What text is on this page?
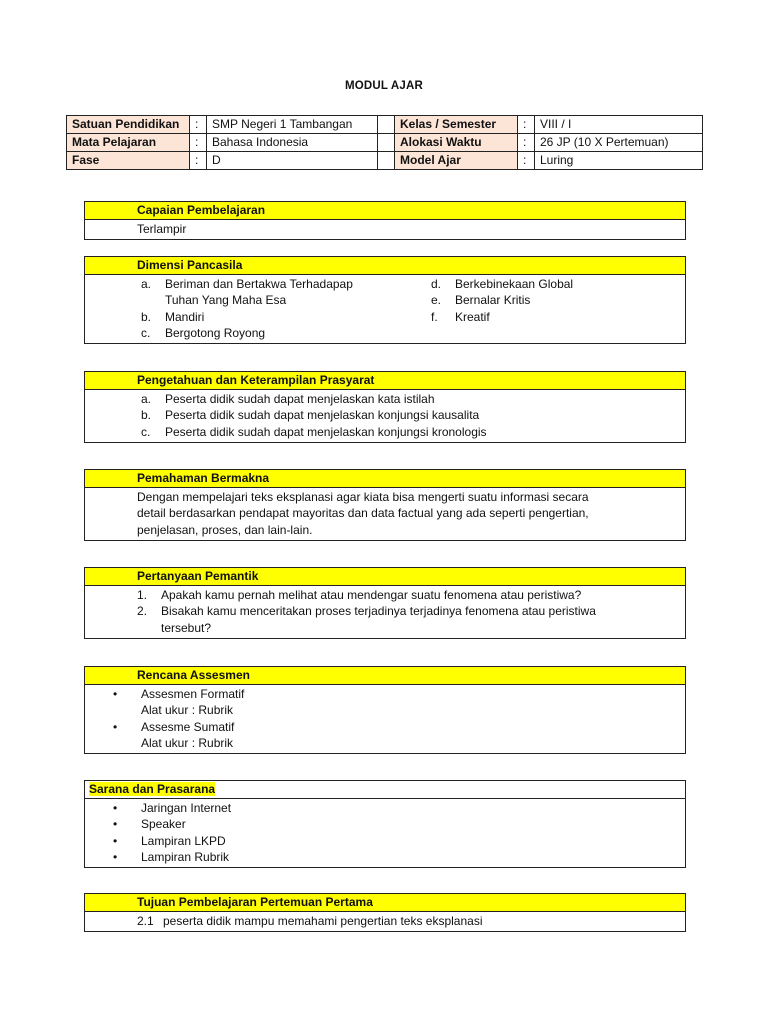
MODUL AJAR
Satuan Pendidikan	:	SMP Negeri 1 Tambangan		Kelas / Semester	:	VIII / I
Mata Pelajaran	:	Bahasa Indonesia		Alokasi Waktu	:	26 JP (10 X Pertemuan)
Fase	:	D		Model Ajar	:	Luring
Capaian Pembelajaran
Terlampir
Dimensi Pancasila
a.	Beriman dan Bertakwa Terhadapap
Tuhan Yang Maha Esa
b.	Mandiri
c.	Bergotong Royong
d.	Berkebinekaan Global
e.	Bernalar Kritis
f.	Kreatif
Pengetahuan dan Keterampilan Prasyarat
a.	Peserta didik sudah dapat menjelaskan kata istilah
b.	Peserta didik sudah dapat menjelaskan konjungsi kausalita
c.	Peserta didik sudah dapat menjelaskan konjungsi kronologis
Pemahaman Bermakna
Dengan mempelajari teks eksplanasi agar kiata bisa mengerti suatu informasi secara
detail berdasarkan pendapat mayoritas dan data factual yang ada seperti pengertian,
penjelasan, proses, dan lain-lain.
Pertanyaan Pemantik
1.	Apakah kamu pernah melihat atau mendengar suatu fenomena atau peristiwa?
2.	Bisakah kamu menceritakan proses terjadinya terjadinya fenomena atau peristiwa
tersebut?
Rencana Assesmen
•	Assesmen Formatif
Alat ukur : Rubrik
•	Assesme Sumatif
Alat ukur : Rubrik
Sarana dan Prasarana
•	Jaringan Internet
•	Speaker
•	Lampiran LKPD
•	Lampiran Rubrik
Tujuan Pembelajaran Pertemuan Pertama
2.1 peserta didik mampu memahami pengertian teks eksplanasi
